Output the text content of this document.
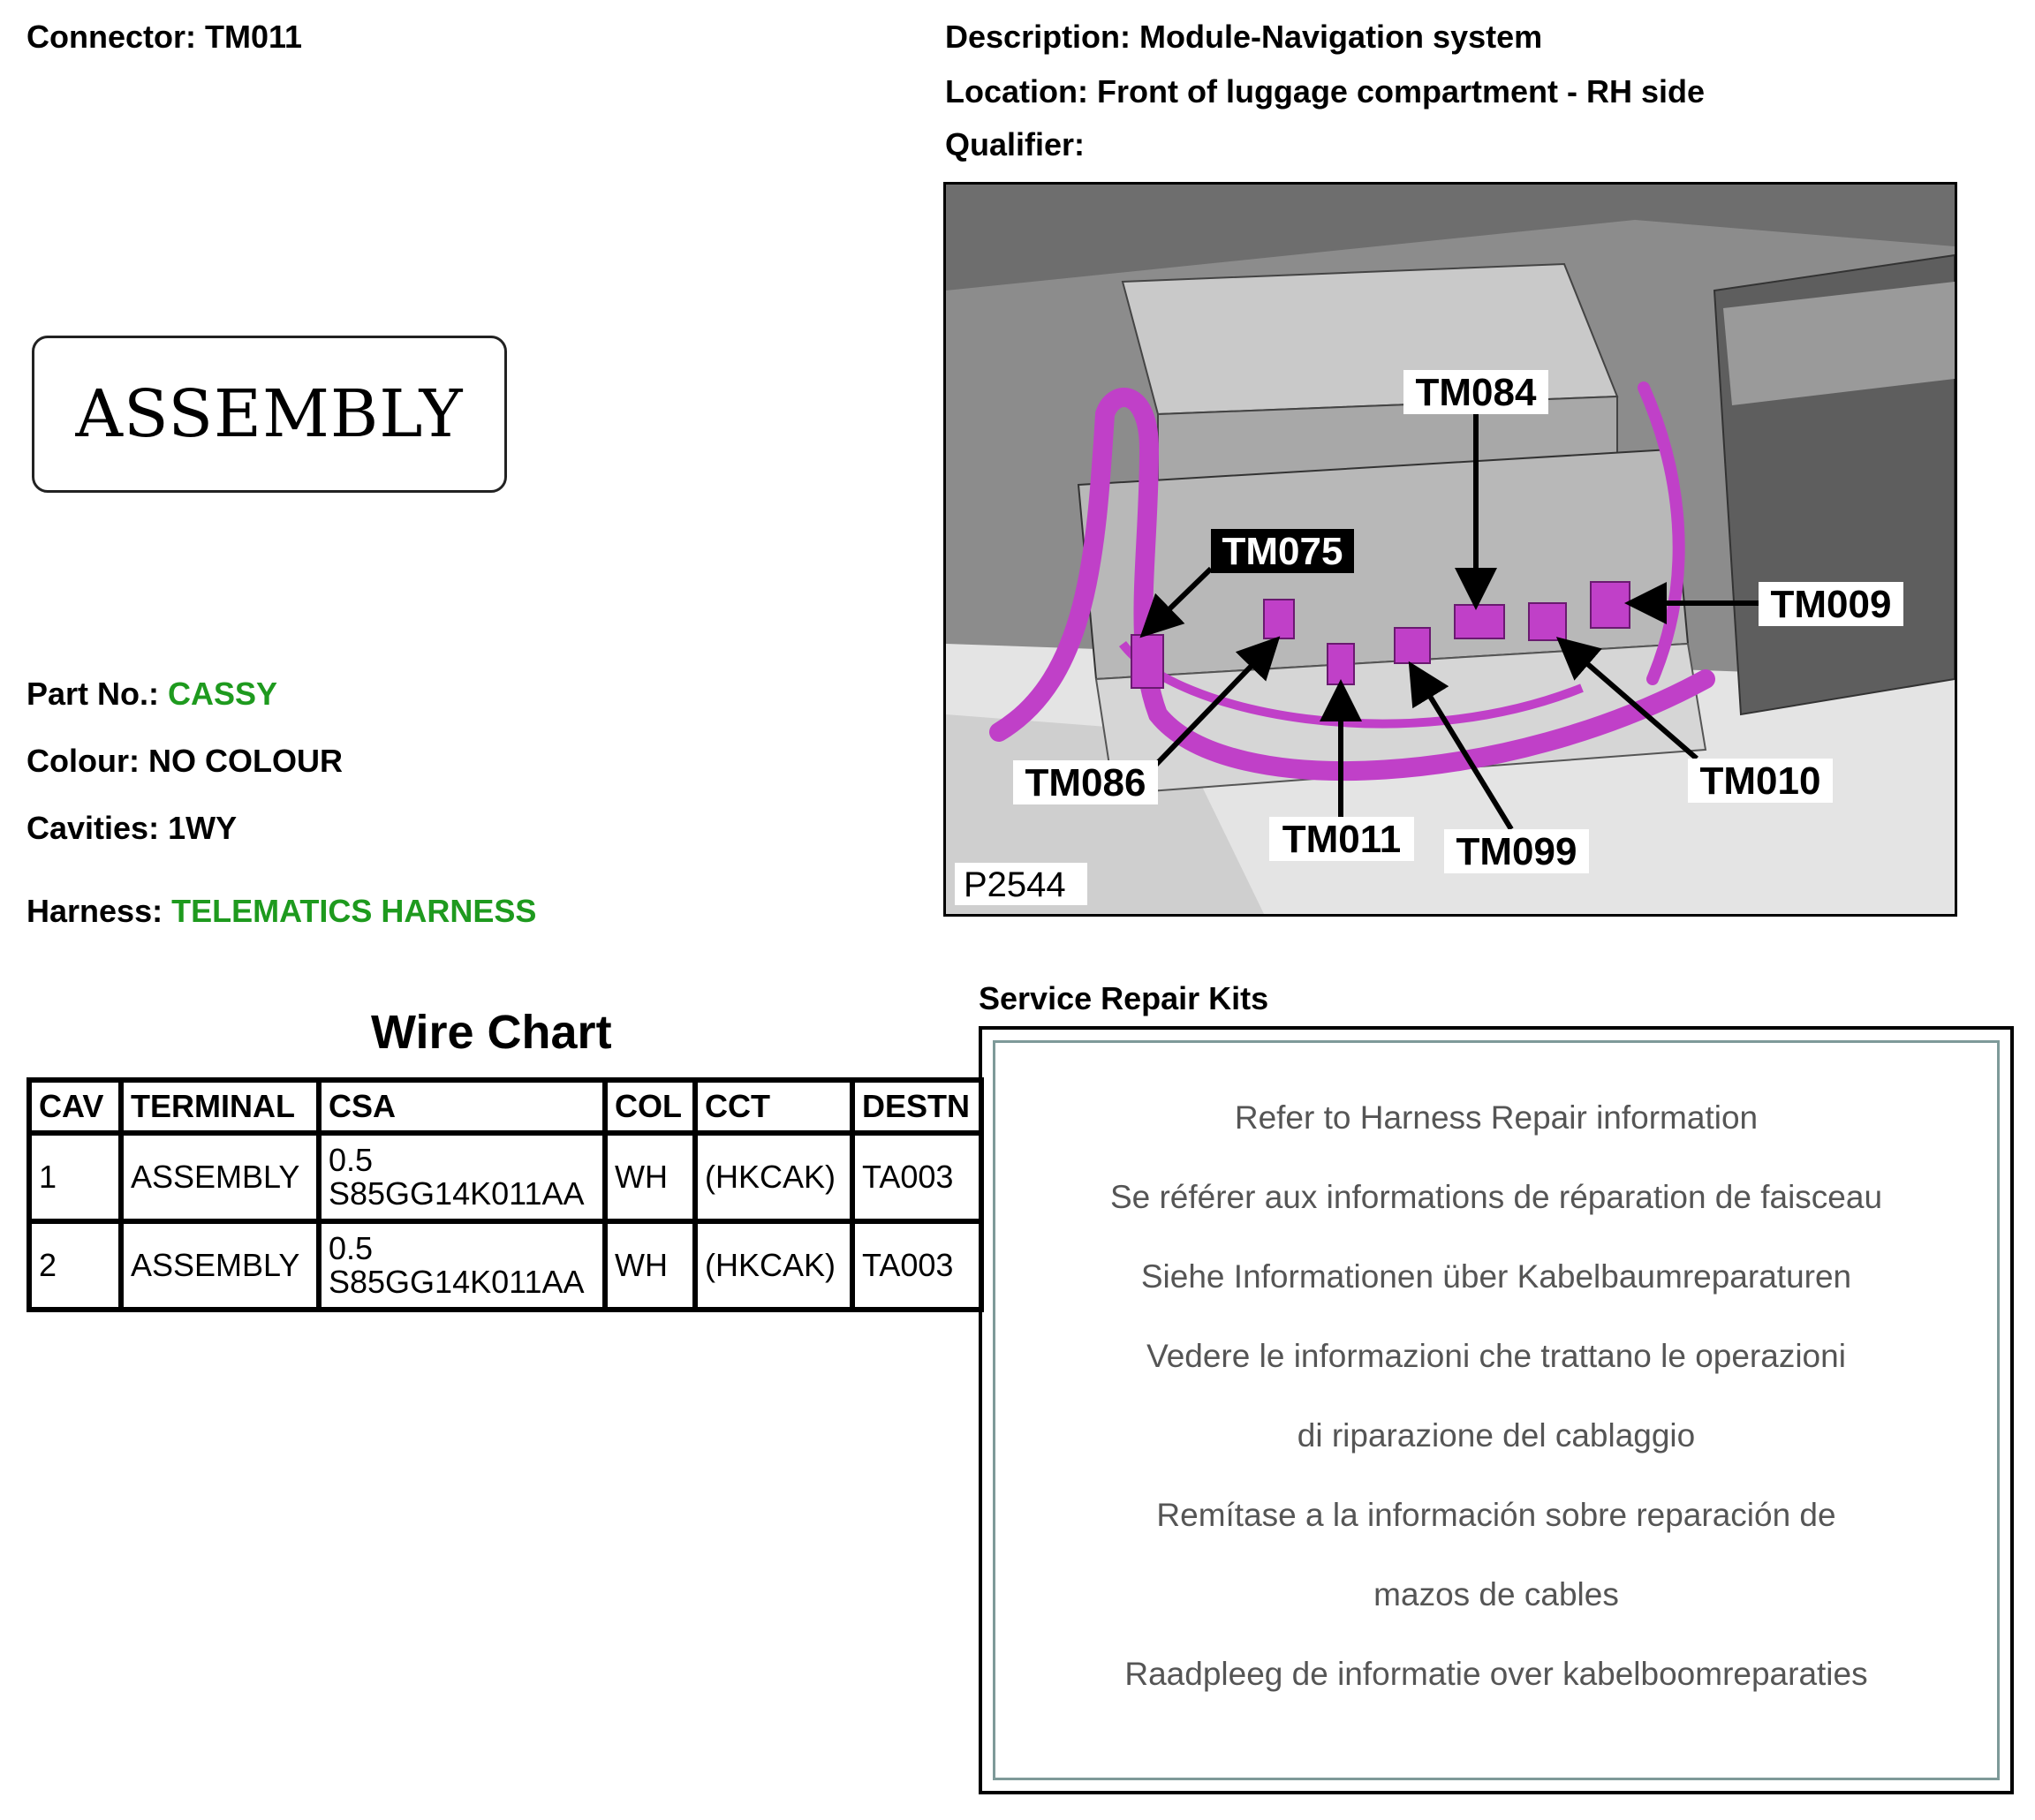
Connector: TM011	Description: Module-Navigation system
Location: Front of luggage compartment - RH side
Qualifier:
ASSEMBLY
Part No.: CASSY
Colour: NO COLOUR
Cavities: 1WY
Harness: TELEMATICS HARNESS
TM075
TM084
TM009
TM086
TM011 TM099
TM010
P2544
Wire Chart
CAV	TERMINAL	CSA	COL	CCT	DESTN
1	ASSEMBLY	0.5
S85GG14K011AA	WH	(HKCAK)	TA003
2	ASSEMBLY	0.5
S85GG14K011AA	WH	(HKCAK)	TA003
Service Repair Kits
Refer to Harness Repair information
Se référer aux informations de réparation de faisceau
Siehe Informationen über Kabelbaumreparaturen
Vedere le informazioni che trattano le operazioni
di riparazione del cablaggio
Remítase a la información sobre reparación de
mazos de cables
Raadpleeg de informatie over kabelboomreparaties
